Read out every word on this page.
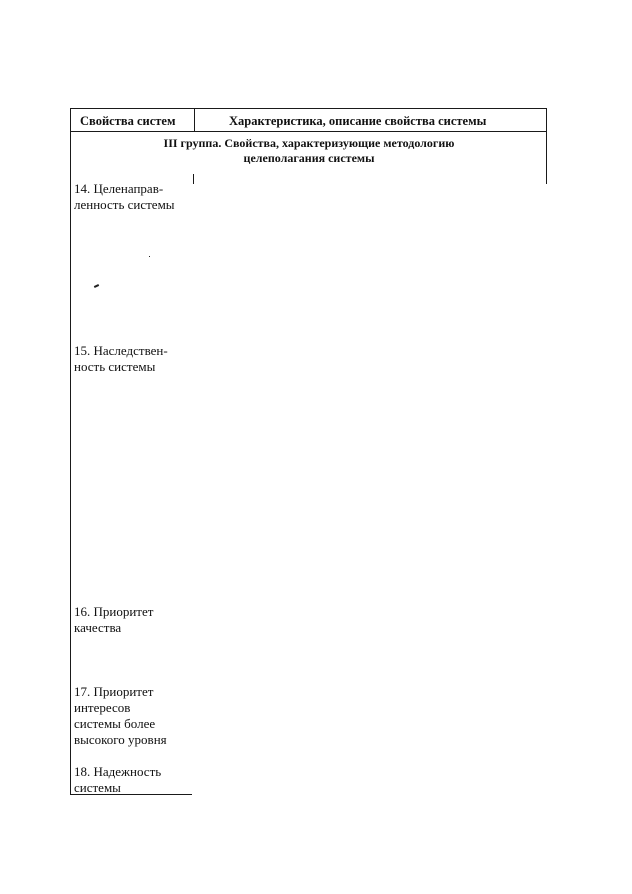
Свойства систем	Характеристика, описание свойства системы
III группа. Свойства, характеризующие методологию
целеполагания системы
14. Целенаправ-
ленность системы
15. Наследствен-
ность системы
16. Приоритет
качества
17. Приоритет
интересов
системы более
высокого уровня
18. Надежность
системы
